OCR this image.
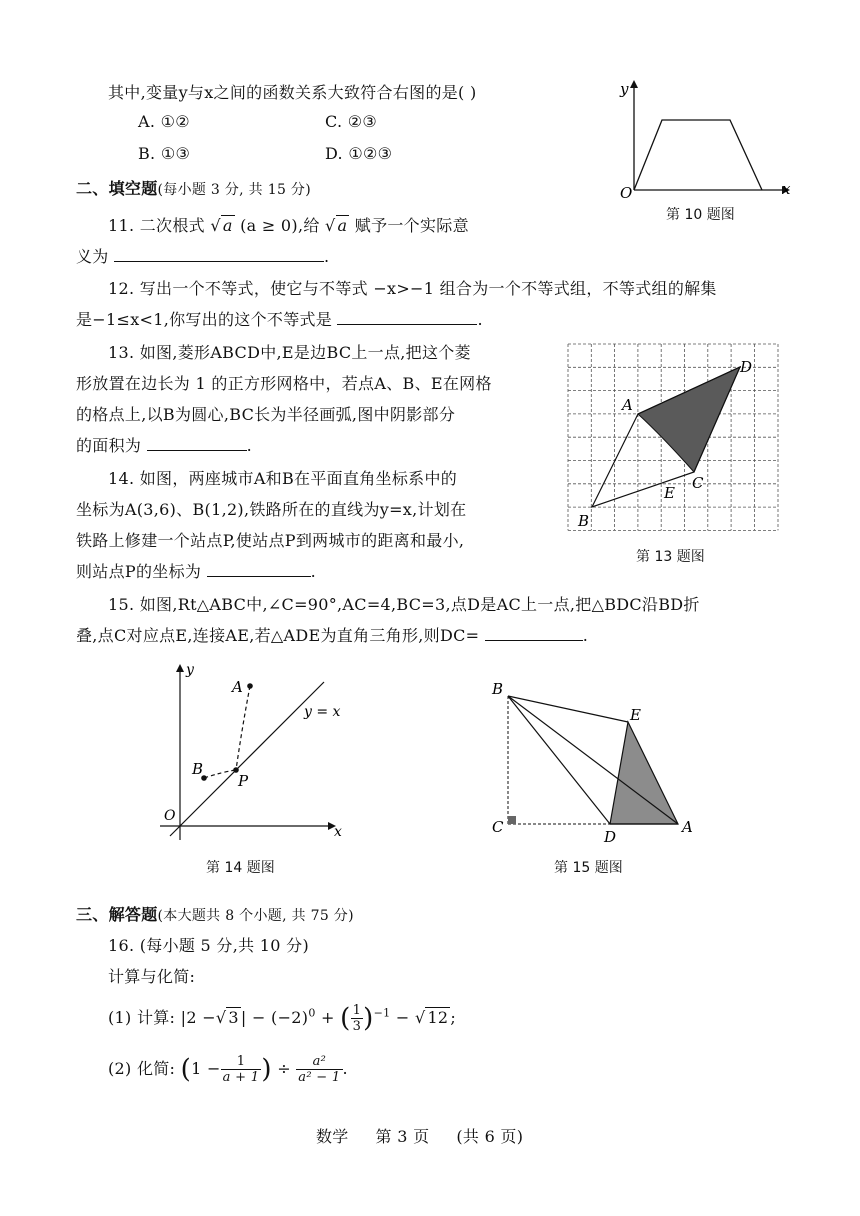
其中,变量y与x之间的函数关系大致符合右图的是( )
A. ①②	C. ②③
B. ①③	D. ①②③
y
x
O
第 10 题图
二、填空题(每小题 3 分, 共 15 分)
11. 二次根式 √ a (a ≥ 0),给 √ a 赋予一个实际意
义为	.
12. 写出一个不等式，使它与不等式 −x>−1 组合为一个不等式组，不等式组的解集
是−1≤x<1,你写出的这个不等式是	.
13. 如图,菱形ABCD中,E是边BC上一点,把这个菱
形放置在边长为 1 的正方形网格中，若点A、B、E在网格
的格点上,以B为圆心,BC长为半径画弧,图中阴影部分
的面积为	.
A
B
C
D
E
第 13 题图
14. 如图，两座城市A和B在平面直角坐标系中的
坐标为A(3,6)、B(1,2),铁路所在的直线为y=x,计划在
铁路上修建一个站点P,使站点P到两城市的距离和最小,
则站点P的坐标为	.
15. 如图,Rt△ABC中,∠C=90°,AC=4,BC=3,点D是AC上一点,把△BDC沿BD折
叠,点C对应点E,连接AE,若△ADE为直角三角形,则DC=	.
y
x
O
A
B
P
y = x
第 14 题图
B
C
D
A
E
第 15 题图
三、解答题(本大题共 8 个小题, 共 75 分)
16. (每小题 5 分,共 10 分)
计算与化简:
(1) 计算: |2 −√ 3 | − $(-2)^0$ + ( $\frac{1}{3} )^{-1}$ − √ 12 ;
(2) 化简: ($1 - \frac{1}{a + 1}$ ) ÷ $\frac{\text{a²}}{\text{a² − 1}}$ .
数学 第 3 页 (共 6 页)
